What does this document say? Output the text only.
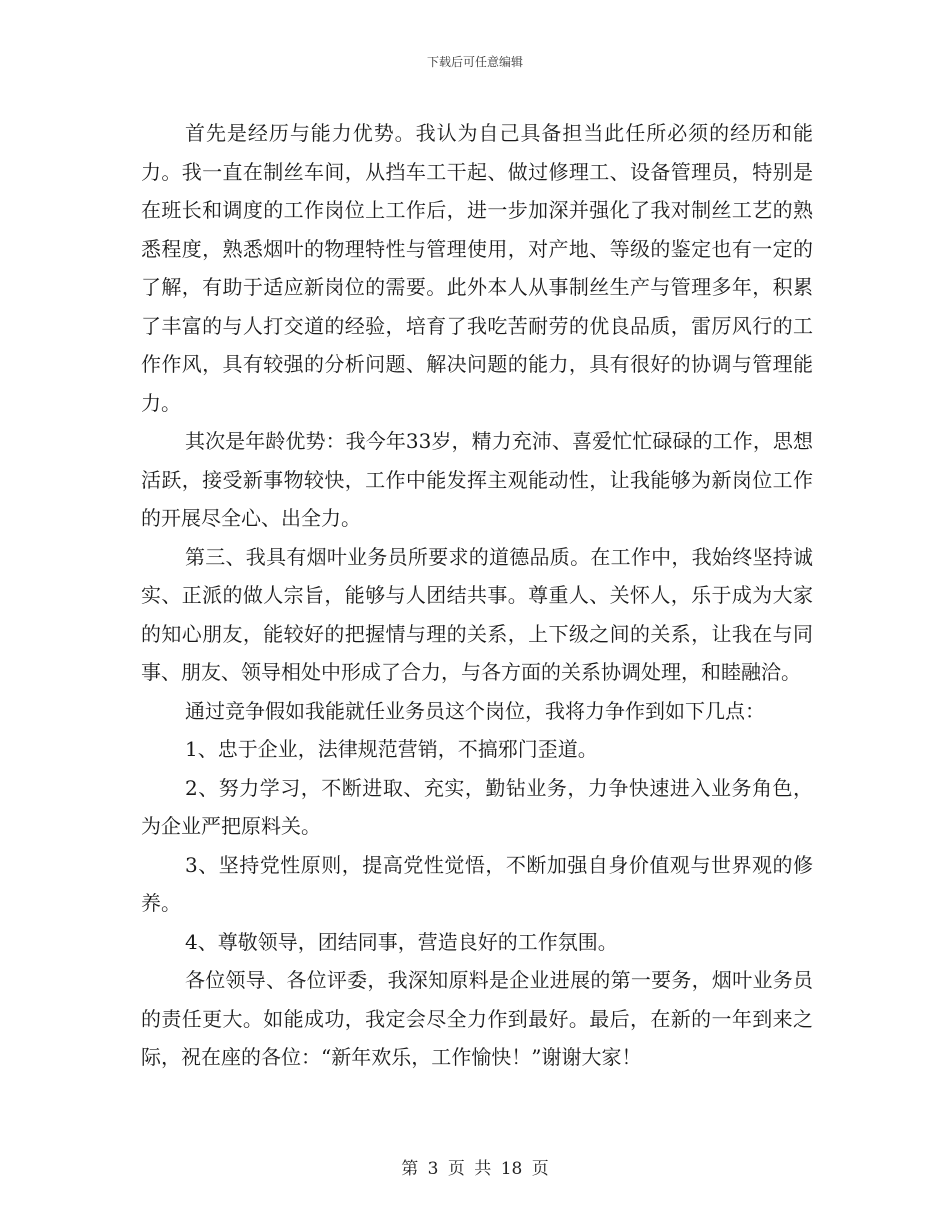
下载后可任意编辑

首先是经历与能力优势。我认为自己具备担当此任所必须的经历和能力。我一直在制丝车间，从挡车工干起、做过修理工、设备管理员，特别是在班长和调度的工作岗位上工作后，进一步加深并强化了我对制丝工艺的熟悉程度，熟悉烟叶的物理特性与管理使用，对产地、等级的鉴定也有一定的了解，有助于适应新岗位的需要。此外本人从事制丝生产与管理多年，积累了丰富的与人打交道的经验，培育了我吃苦耐劳的优良品质，雷厉风行的工作作风，具有较强的分析问题、解决问题的能力，具有很好的协调与管理能力。

其次是年龄优势：我今年33岁，精力充沛、喜爱忙忙碌碌的工作，思想活跃，接受新事物较快，工作中能发挥主观能动性，让我能够为新岗位工作的开展尽全心、出全力。

第三、我具有烟叶业务员所要求的道德品质。在工作中，我始终坚持诚实、正派的做人宗旨，能够与人团结共事。尊重人、关怀人，乐于成为大家的知心朋友，能较好的把握情与理的关系，上下级之间的关系，让我在与同事、朋友、领导相处中形成了合力，与各方面的关系协调处理，和睦融洽。

通过竞争假如我能就任业务员这个岗位，我将力争作到如下几点：

1、忠于企业，法律规范营销，不搞邪门歪道。

2、努力学习，不断进取、充实，勤钻业务，力争快速进入业务角色，为企业严把原料关。

3、坚持党性原则，提高党性觉悟，不断加强自身价值观与世界观的修养。

4、尊敬领导，团结同事，营造良好的工作氛围。

各位领导、各位评委，我深知原料是企业进展的第一要务，烟叶业务员的责任更大。如能成功，我定会尽全力作到最好。最后，在新的一年到来之际，祝在座的各位：“新年欢乐，工作愉快！”谢谢大家！

第 3 页 共 18 页
